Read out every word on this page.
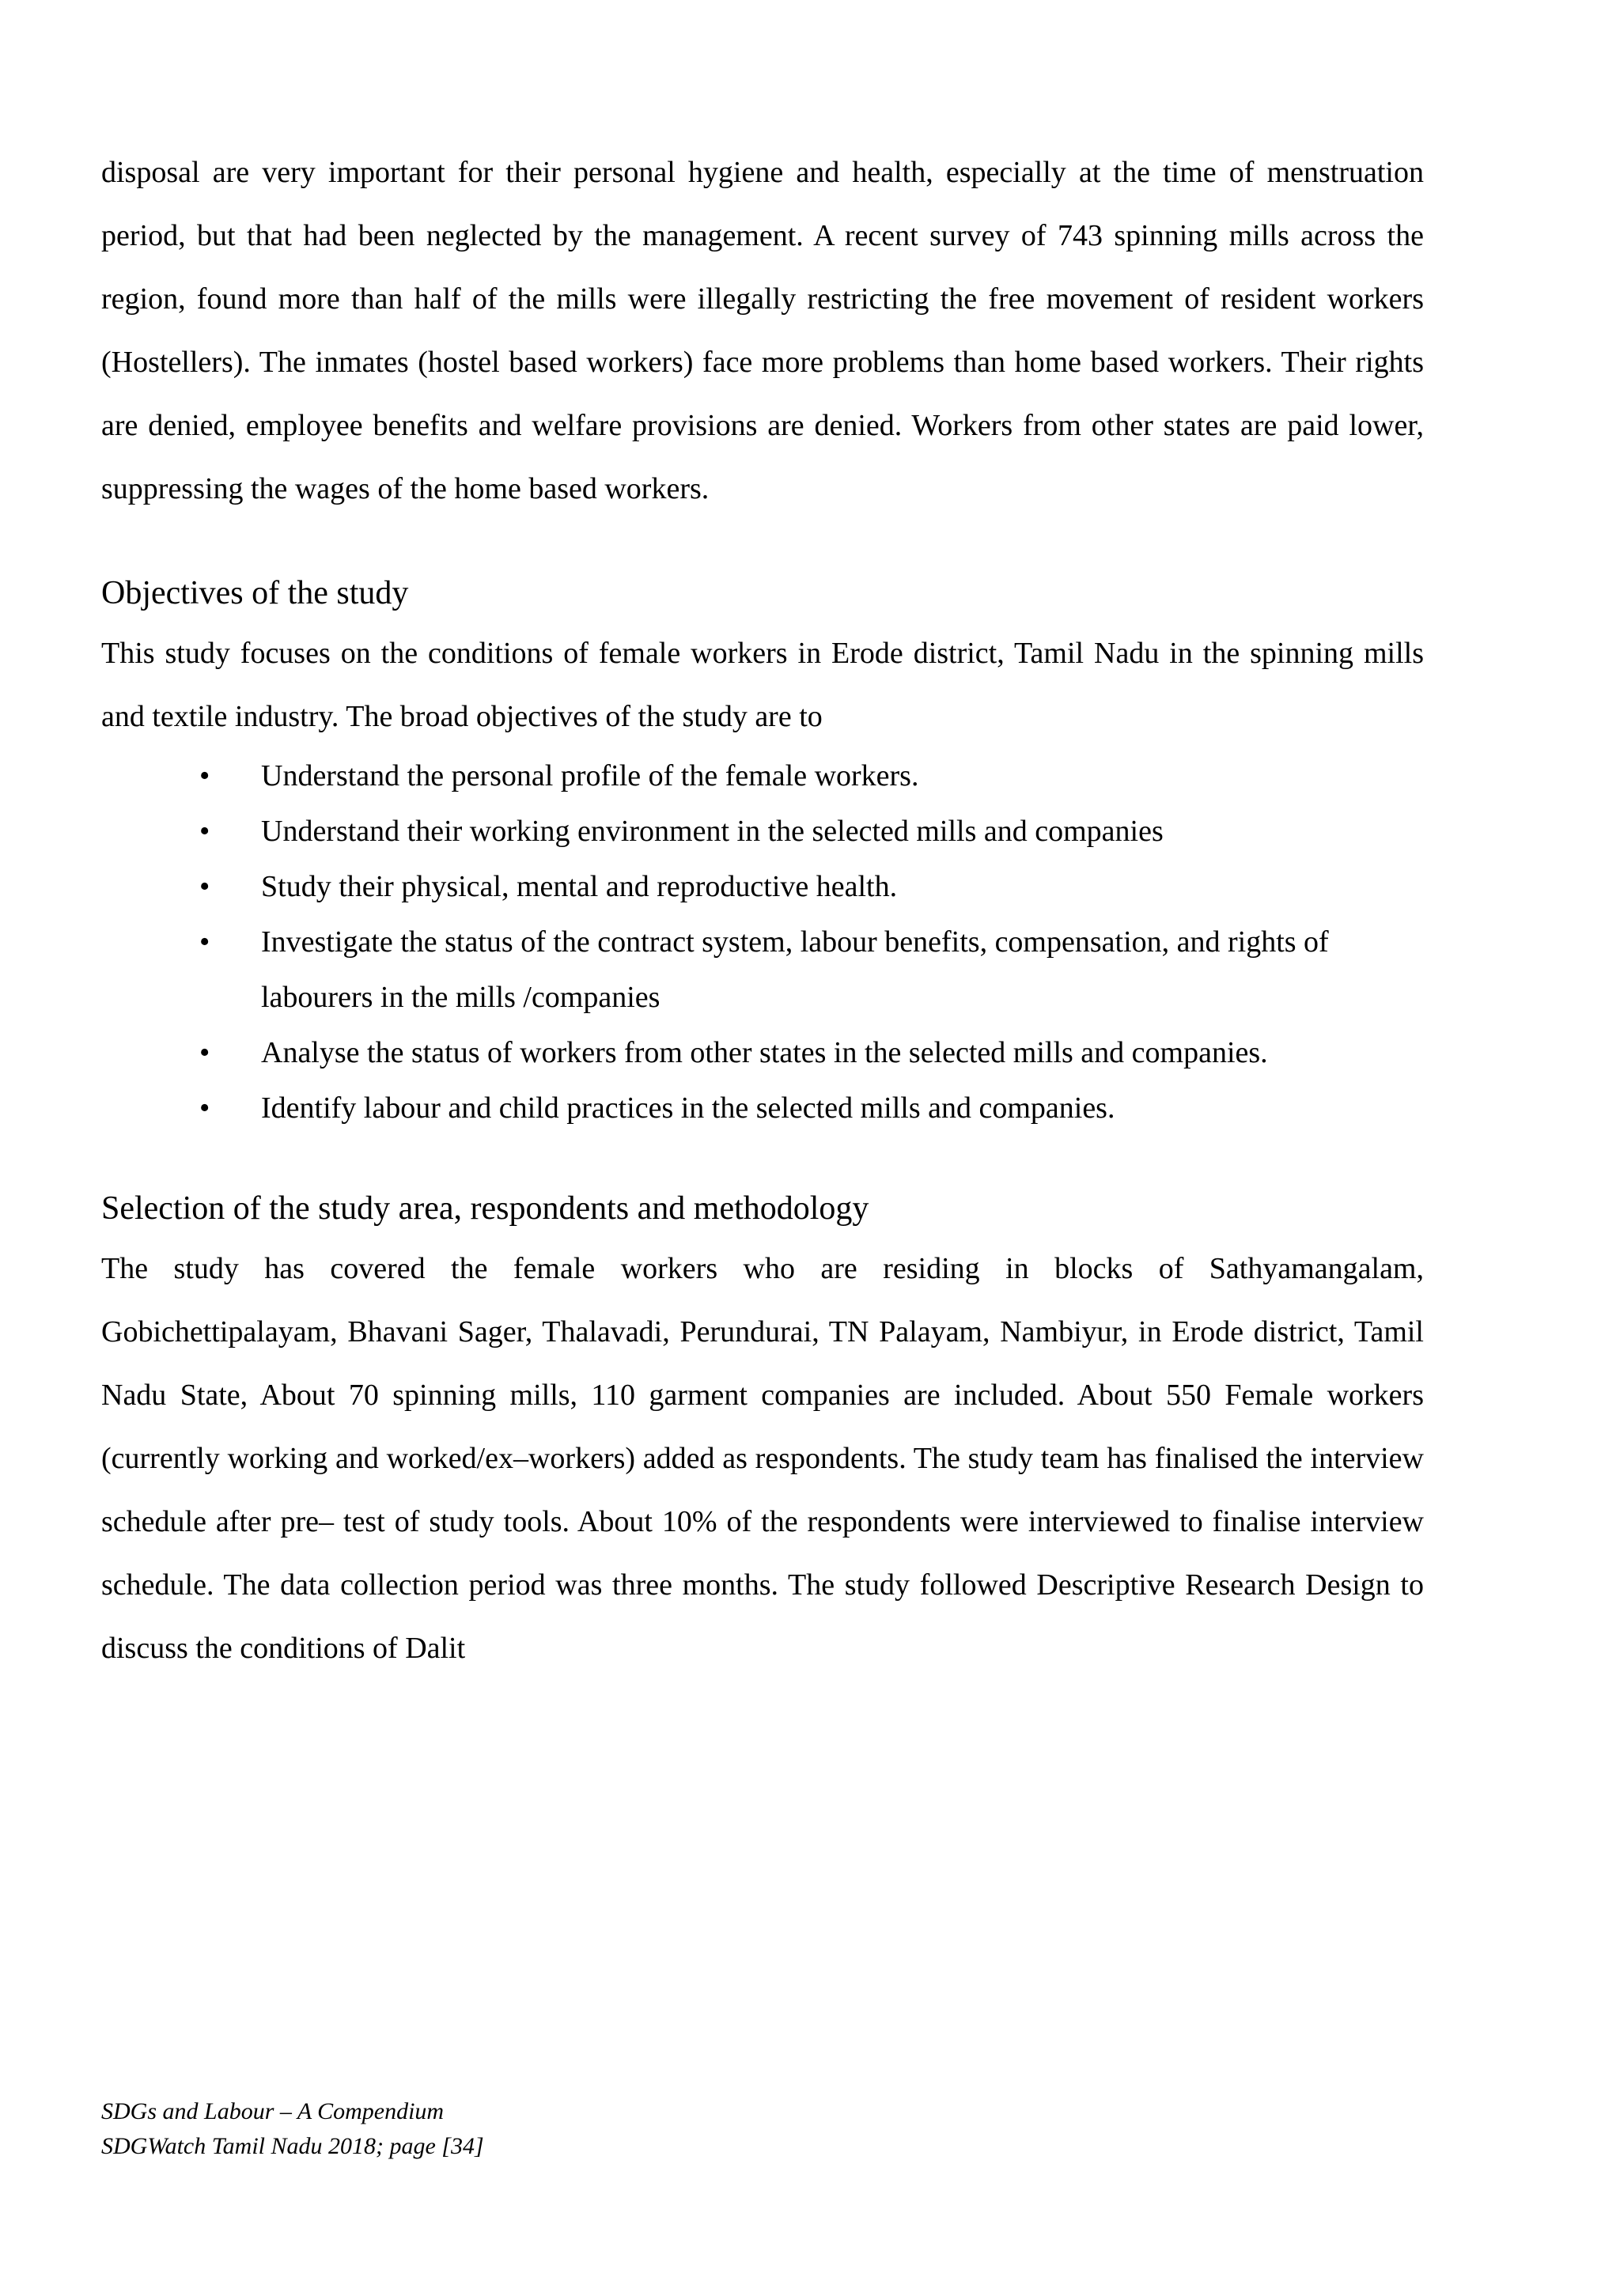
disposal are very important for their personal hygiene and health, especially at the time of menstruation period, but that had been neglected by the management. A recent survey of 743 spinning mills across the region, found more than half of the mills were illegally restricting the free movement of resident workers (Hostellers). The inmates (hostel based workers) face more problems than home based workers. Their rights are denied, employee benefits and welfare provisions are denied. Workers from other states are paid lower, suppressing the wages of the home based workers.

Objectives of the study

This study focuses on the conditions of female workers in Erode district, Tamil Nadu in the spinning mills and textile industry. The broad objectives of the study are to

• Understand the personal profile of the female workers.
• Understand their working environment in the selected mills and companies
• Study their physical, mental and reproductive health.
• Investigate the status of the contract system, labour benefits, compensation, and rights of labourers in the mills /companies
• Analyse the status of workers from other states in the selected mills and companies.
• Identify labour and child practices in the selected mills and companies.
Selection of the study area, respondents and methodology

The study has covered the female workers who are residing in blocks of Sathyamangalam, Gobichettipalayam, Bhavani Sager, Thalavadi, Perundurai, TN Palayam, Nambiyur, in Erode district, Tamil Nadu State, About 70 spinning mills, 110 garment companies are included. About 550 Female workers (currently working and worked/ex–workers) added as respondents. The study team has finalised the interview schedule after pre– test of study tools. About 10% of the respondents were interviewed to finalise interview schedule. The data collection period was three months. The study followed Descriptive Research Design to discuss the conditions of Dalit

SDGs and Labour – A Compendium
SDGWatch Tamil Nadu 2018; page [34]
